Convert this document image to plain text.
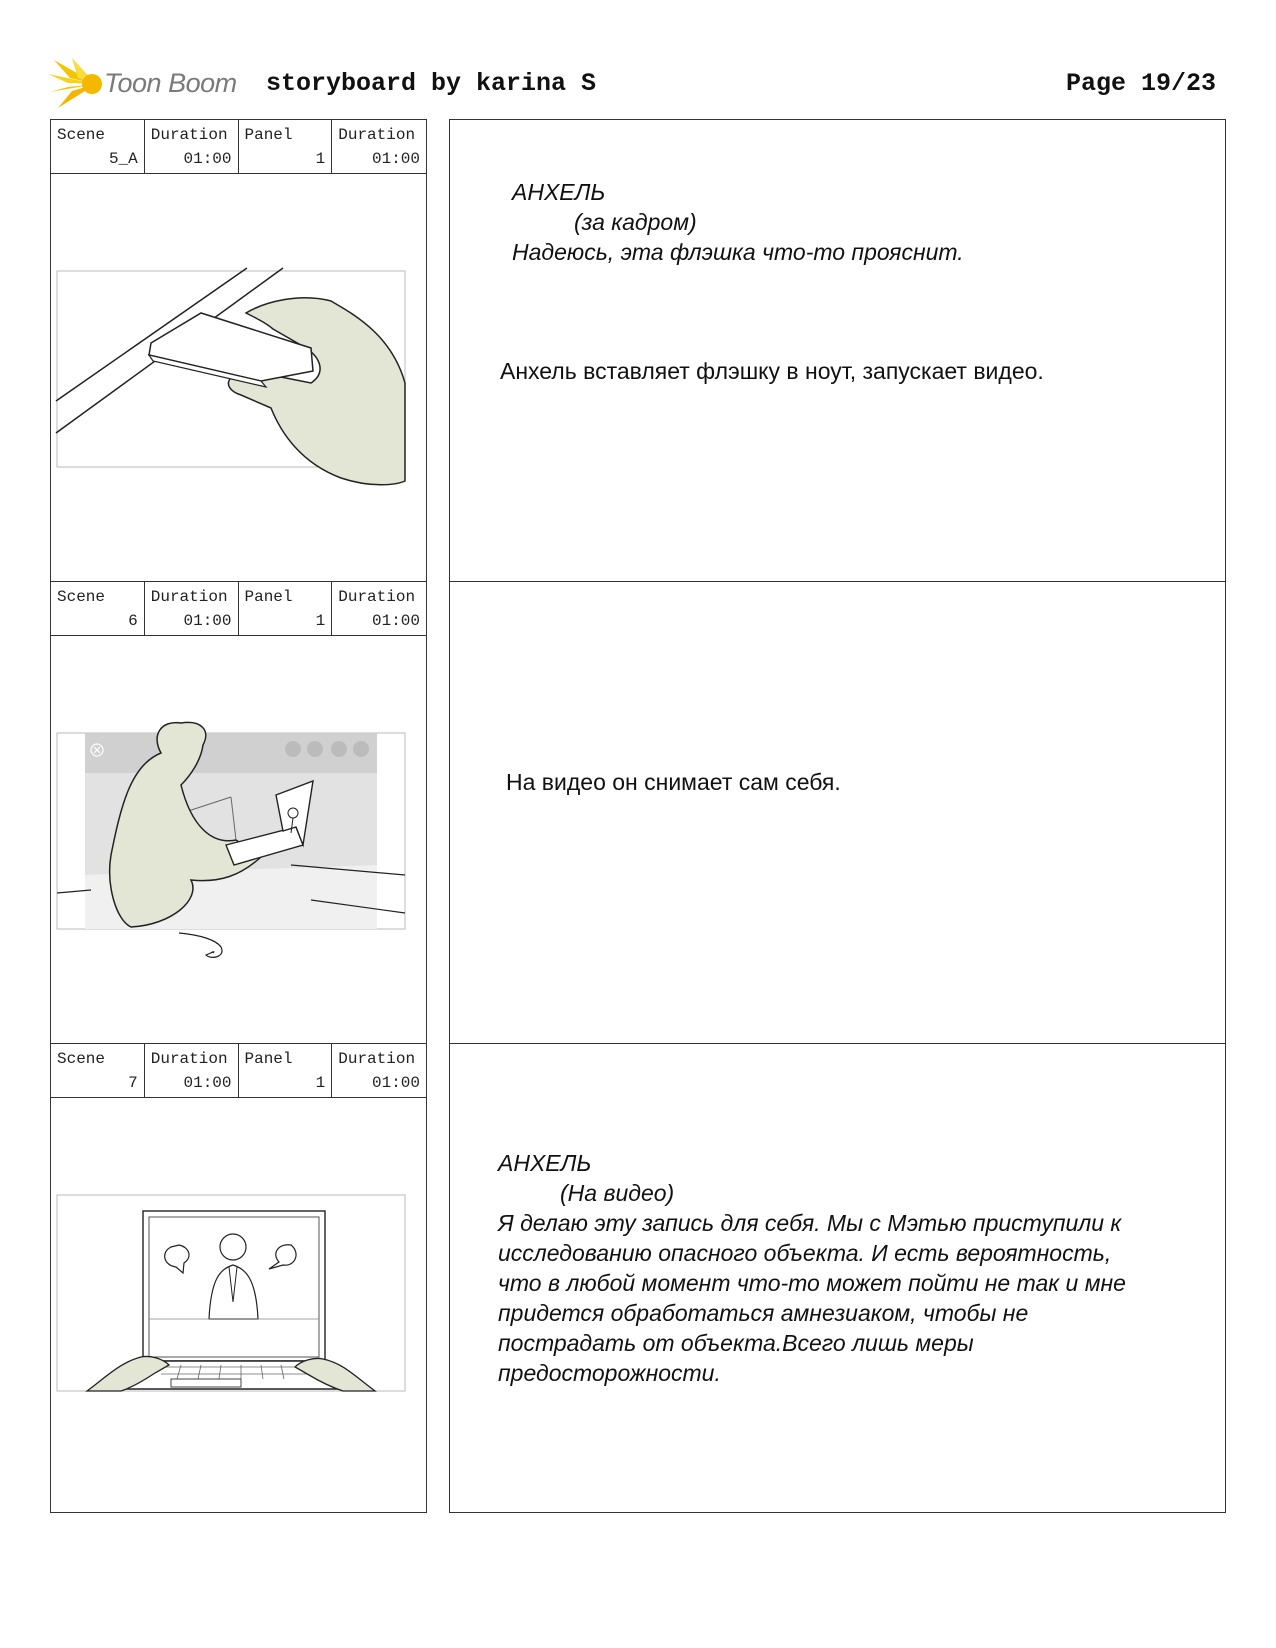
Toon Boom storyboard by karina S	Page 19/23
Scene
5_A
Duration
01:00
Panel
1
Duration
01:00
АНХЕЛЬ
(за кадром)
Надеюсь, эта флэшка что-то прояснит.
Анхель вставляет флэшку в ноут, запускает видео.
Scene
6
Duration
01:00
Panel
1
Duration
01:00
На видео он снимает сам себя.
Scene
7
Duration
01:00
Panel
1
Duration
01:00
АНХЕЛЬ
(На видео)
Я делаю эту запись для себя. Мы с Мэтью приступили к
исследованию опасного объекта. И есть вероятность,
что в любой момент что-то может пойти не так и мне
придется обработаться амнезиаком, чтобы не
пострадать от объекта.Всего лишь меры
предосторожности.
